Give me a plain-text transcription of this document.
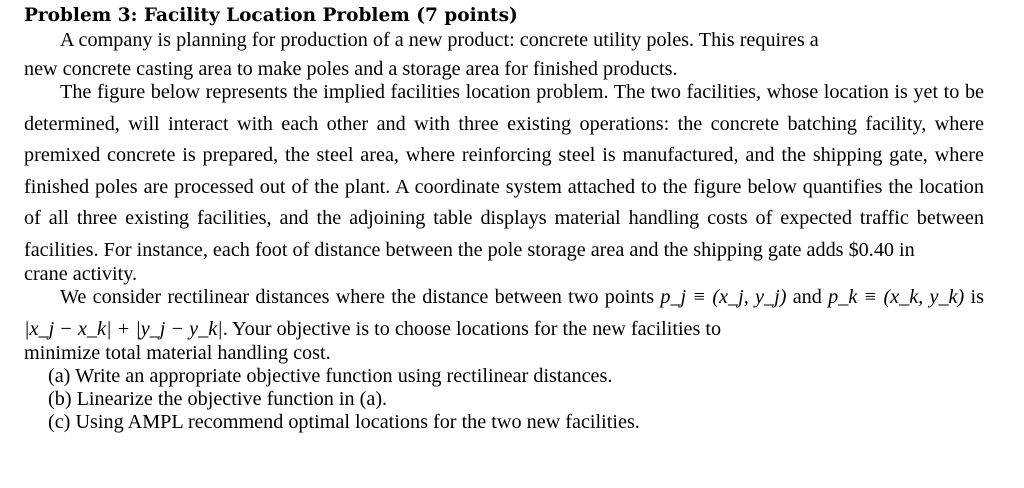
Problem 3: Facility Location Problem (7 points)

A company is planning for production of a new product: concrete utility poles. This requires a

new concrete casting area to make poles and a storage area for finished products.

The figure below represents the implied facilities location problem. The two facilities, whose location is yet to be determined, will interact with each other and with three existing operations: the concrete batching facility, where premixed concrete is prepared, the steel area, where reinforcing steel is manufactured, and the shipping gate, where finished poles are processed out of the plant. A coordinate system attached to the figure below quantifies the location of all three existing facilities, and the adjoining table displays material handling costs of expected traffic between facilities. For instance, each foot of distance between the pole storage area and the shipping gate adds $0.40 in

crane activity.

We consider rectilinear distances where the distance between two points p_j ≡ (x_j, y_j) and p_k ≡ (x_k, y_k) is |x_j − x_k| + |y_j − y_k|. Your objective is to choose locations for the new facilities to

minimize total material handling cost.

(a) Write an appropriate objective function using rectilinear distances.
(b) Linearize the objective function in (a).
(c) Using AMPL recommend optimal locations for the two new facilities.
